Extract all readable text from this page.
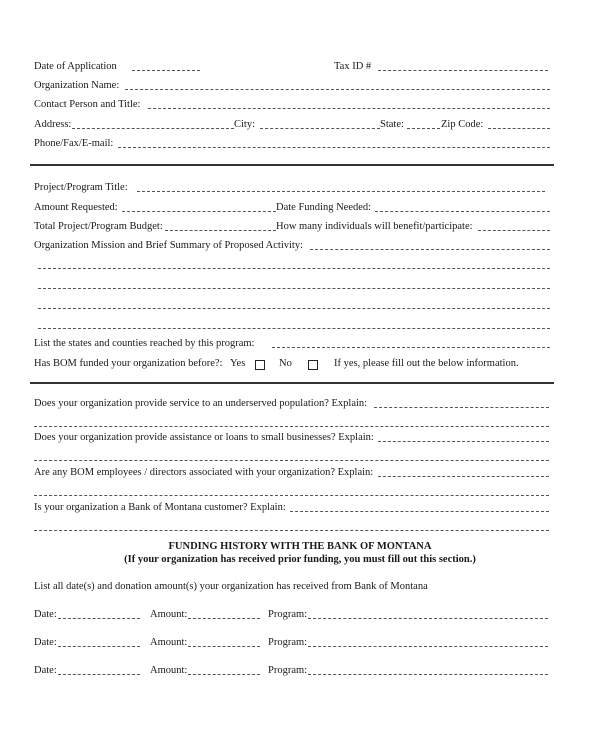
Date of Application	Tax ID #
Organization Name:
Contact Person and Title:
Address:	City:	State:	Zip Code:
Phone/Fax/E-mail:
Project/Program Title:
Amount Requested:	Date Funding Needed:
Total Project/Program Budget:	How many individuals will benefit/participate:
Organization Mission and Brief Summary of Proposed Activity:
List the states and counties reached by this program:
Has BOM funded your organization before?: Yes	No	If yes, please fill out the below information.
Does your organization provide service to an underserved population? Explain:
Does your organization provide assistance or loans to small businesses? Explain:
Are any BOM employees / directors associated with your organization? Explain:
Is your organization a Bank of Montana customer? Explain:
FUNDING HISTORY WITH THE BANK OF MONTANA
(If your organization has received prior funding, you must fill out this section.)
List all date(s) and donation amount(s) your organization has received from Bank of Montana
Date:	Amount:	Program:
Date:	Amount:	Program:
Date:	Amount:	Program:
